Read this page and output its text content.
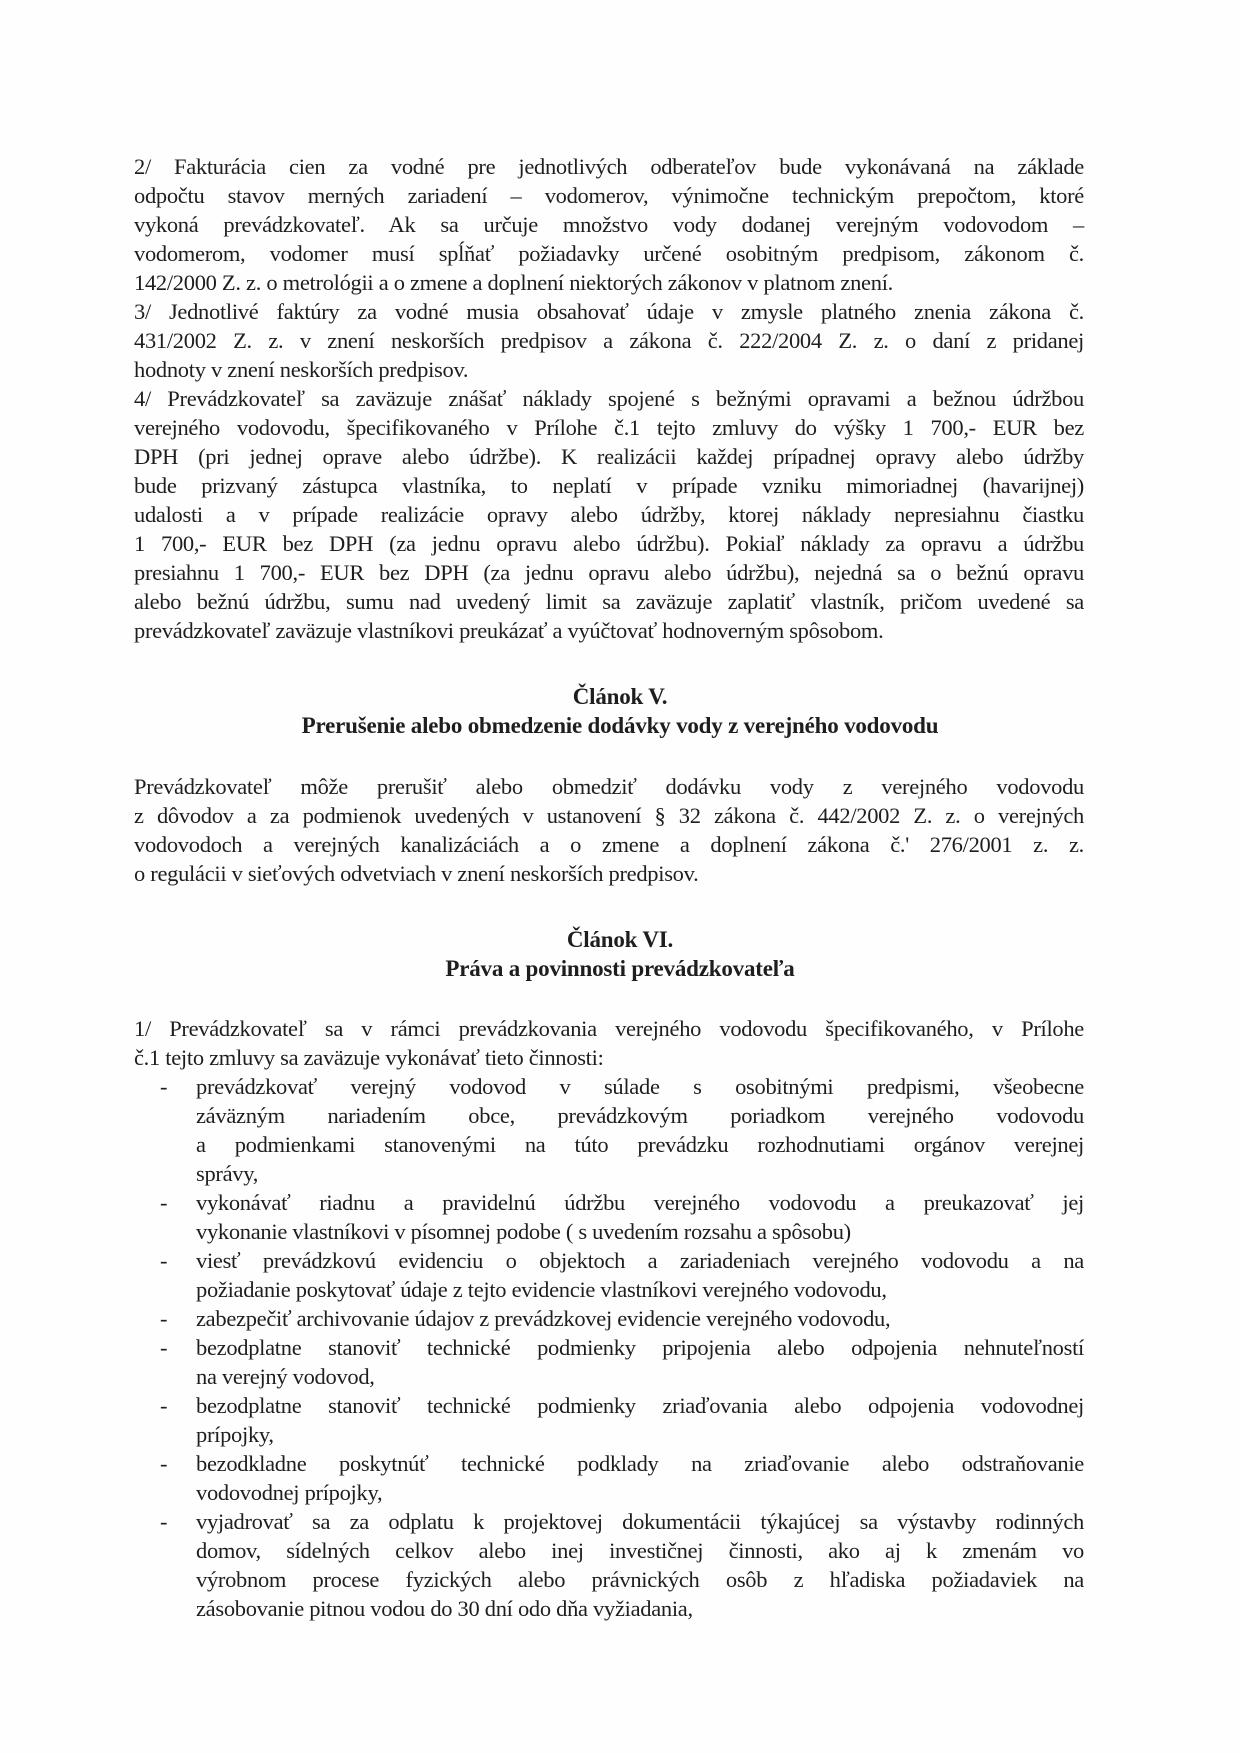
2/ Fakturácia cien za vodné pre jednotlivých odberateľov bude vykonávaná na základe
odpočtu stavov merných zariadení – vodomerov, výnimočne technickým prepočtom, ktoré
vykoná prevádzkovateľ. Ak sa určuje množstvo vody dodanej verejným vodovodom –
vodomerom, vodomer musí spĺňať požiadavky určené osobitným predpisom, zákonom č.
142/2000 Z. z. o metrológii a o zmene a doplnení niektorých zákonov v platnom znení.
3/ Jednotlivé faktúry za vodné musia obsahovať údaje v zmysle platného znenia zákona č.
431/2002 Z. z. v znení neskorších predpisov a zákona č. 222/2004 Z. z. o daní z pridanej
hodnoty v znení neskorších predpisov.
4/ Prevádzkovateľ sa zaväzuje znášať náklady spojené s bežnými opravami a bežnou údržbou
verejného vodovodu, špecifikovaného v Prílohe č.1 tejto zmluvy do výšky 1 700,- EUR bez
DPH (pri jednej oprave alebo údržbe). K realizácii každej prípadnej opravy alebo údržby
bude prizvaný zástupca vlastníka, to neplatí v prípade vzniku mimoriadnej (havarijnej)
udalosti a v prípade realizácie opravy alebo údržby, ktorej náklady nepresiahnu čiastku
1 700,- EUR bez DPH (za jednu opravu alebo údržbu). Pokiaľ náklady za opravu a údržbu
presiahnu 1 700,- EUR bez DPH (za jednu opravu alebo údržbu), nejedná sa o bežnú opravu
alebo bežnú údržbu, sumu nad uvedený limit sa zaväzuje zaplatiť vlastník, pričom uvedené sa
prevádzkovateľ zaväzuje vlastníkovi preukázať a vyúčtovať hodnoverným spôsobom.
Článok V.
Prerušenie alebo obmedzenie dodávky vody z verejného vodovodu
Prevádzkovateľ môže prerušiť alebo obmedziť dodávku vody z verejného vodovodu
z dôvodov a za podmienok uvedených v ustanovení § 32 zákona č. 442/2002 Z. z. o verejných
vodovodoch a verejných kanalizáciách a o zmene a doplnení zákona č.' 276/2001 z. z.
o regulácii v sieťových odvetviach v znení neskorších predpisov.
Článok VI.
Práva a povinnosti prevádzkovateľa
1/ Prevádzkovateľ sa v rámci prevádzkovania verejného vodovodu špecifikovaného, v Prílohe
č.1 tejto zmluvy sa zaväzuje vykonávať tieto činnosti:
- prevádzkovať verejný vodovod v súlade s osobitnými predpismi, všeobecne
záväzným nariadením obce, prevádzkovým poriadkom verejného vodovodu
a podmienkami stanovenými na túto prevádzku rozhodnutiami orgánov verejnej
správy,
- vykonávať riadnu a pravidelnú údržbu verejného vodovodu a preukazovať jej
vykonanie vlastníkovi v písomnej podobe ( s uvedením rozsahu a spôsobu)
- viesť prevádzkovú evidenciu o objektoch a zariadeniach verejného vodovodu a na
požiadanie poskytovať údaje z tejto evidencie vlastníkovi verejného vodovodu,
- zabezpečiť archivovanie údajov z prevádzkovej evidencie verejného vodovodu,
- bezodplatne stanoviť technické podmienky pripojenia alebo odpojenia nehnuteľností
na verejný vodovod,
- bezodplatne stanoviť technické podmienky zriaďovania alebo odpojenia vodovodnej
prípojky,
- bezodkladne poskytnúť technické podklady na zriaďovanie alebo odstraňovanie
vodovodnej prípojky,
- vyjadrovať sa za odplatu k projektovej dokumentácii týkajúcej sa výstavby rodinných
domov, sídelných celkov alebo inej investičnej činnosti, ako aj k zmenám vo
výrobnom procese fyzických alebo právnických osôb z hľadiska požiadaviek na
zásobovanie pitnou vodou do 30 dní odo dňa vyžiadania,
